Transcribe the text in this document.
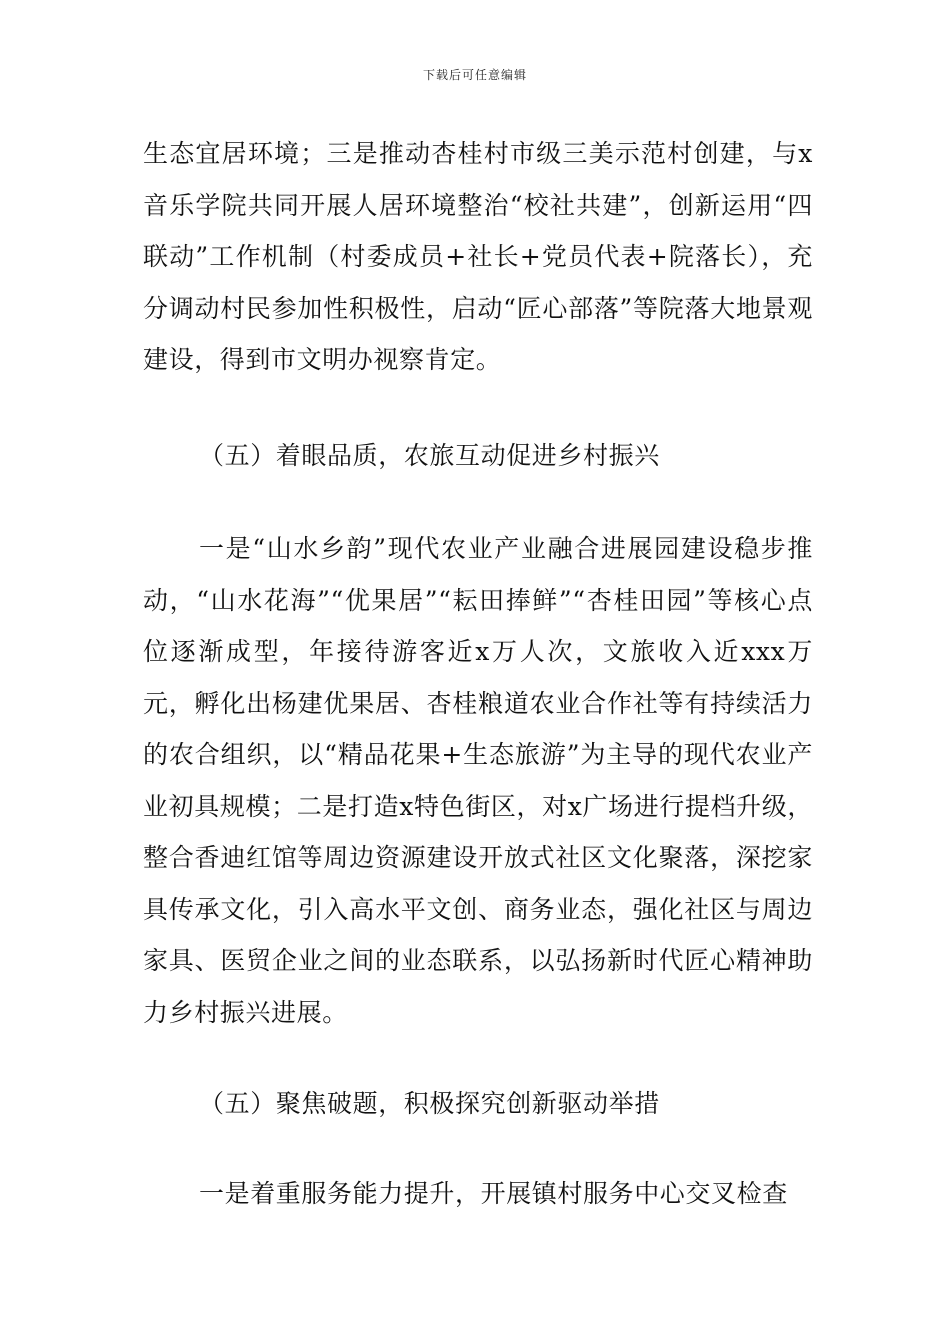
下载后可任意编辑

生态宜居环境；三是推动杏桂村市级三美示范村创建，与x音乐学院共同开展人居环境整治“校社共建”，创新运用“四联动”工作机制（村委成员+社长+党员代表+院落长），充分调动村民参加性积极性，启动“匠心部落”等院落大地景观建设，得到市文明办视察肯定。

（五）着眼品质，农旅互动促进乡村振兴

一是“山水乡韵”现代农业产业融合进展园建设稳步推动，“山水花海”“优果居”“耘田捧鲜”“杏桂田园”等核心点位逐渐成型，年接待游客近x万人次，文旅收入近xxx万元，孵化出杨建优果居、杏桂粮道农业合作社等有持续活力的农合组织，以“精品花果+生态旅游”为主导的现代农业产业初具规模；二是打造x特色街区，对x广场进行提档升级，整合香迪红馆等周边资源建设开放式社区文化聚落，深挖家具传承文化，引入高水平文创、商务业态，强化社区与周边家具、医贸企业之间的业态联系，以弘扬新时代匠心精神助力乡村振兴进展。

（五）聚焦破题，积极探究创新驱动举措

一是着重服务能力提升，开展镇村服务中心交叉检查
